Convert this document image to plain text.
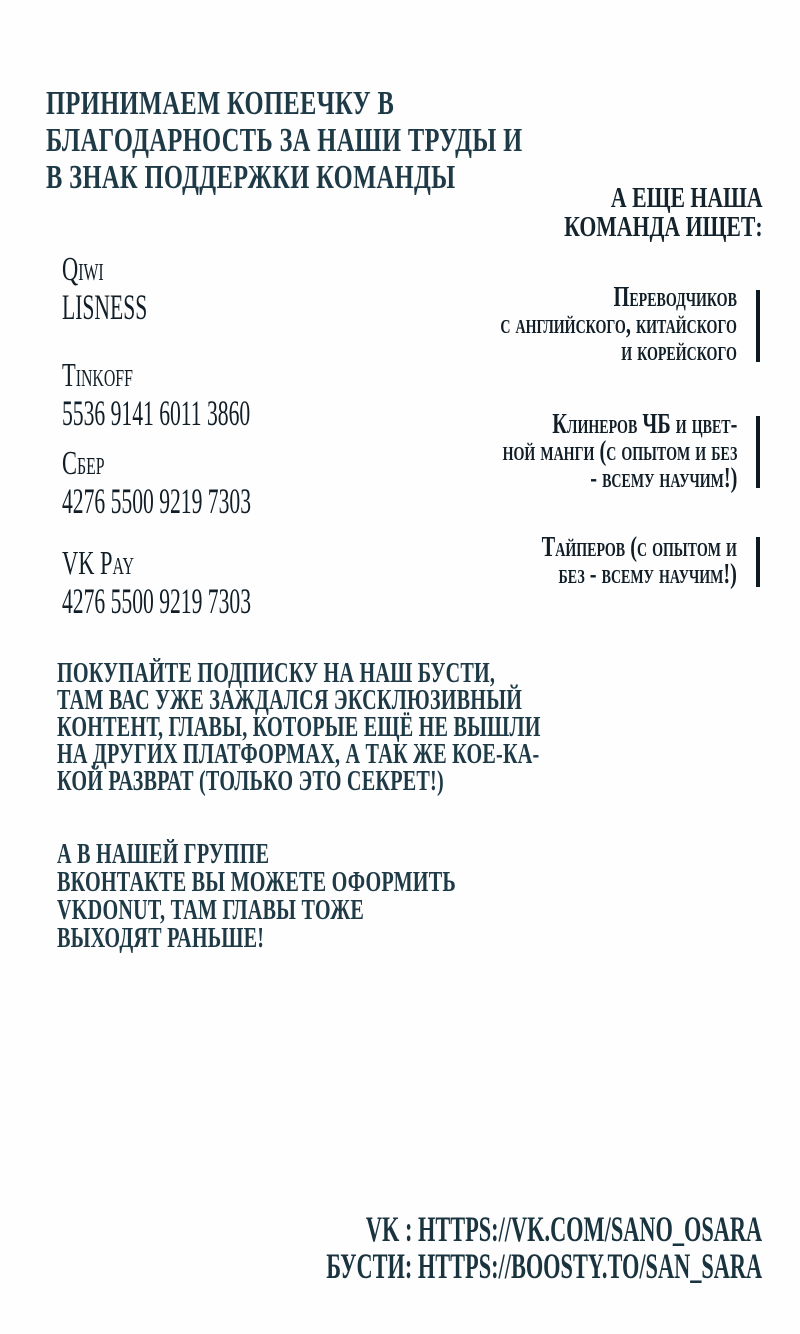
ПРИНИМАЕМ КОПЕЕЧКУ В
БЛАГОДАРНОСТЬ ЗА НАШИ ТРУДЫ И
В ЗНАК ПОДДЕРЖКИ КОМАНДЫ
А ЕЩЕ НАША
КОМАНДА ИЩЕТ:
Qiwi
LISNESS
Tinkoff
5536 9141 6011 3860
Сбер
4276 5500 9219 7303
VK Pay
4276 5500 9219 7303
Переводчиков
с английского, китайского
и корейского
Клинеров ЧБ и цвет-
ной манги (с опытом и без
- всему научим!)
Тайперов (с опытом и
без - всему научим!)
ПОКУПАЙТЕ ПОДПИСКУ НА НАШ БУСТИ,
ТАМ ВАС УЖЕ ЗАЖДАЛСЯ ЭКСКЛЮЗИВНЫЙ
КОНТЕНТ, ГЛАВЫ, КОТОРЫЕ ЕЩЁ НЕ ВЫШЛИ
НА ДРУГИХ ПЛАТФОРМАХ, А ТАК ЖЕ КОЕ-КА-
КОЙ РАЗВРАТ (ТОЛЬКО ЭТО СЕКРЕТ!)
А В НАШЕЙ ГРУППЕ
ВКОНТАКТЕ ВЫ МОЖЕТЕ ОФОРМИТЬ
VKDONUT, ТАМ ГЛАВЫ ТОЖЕ
ВЫХОДЯТ РАНЬШЕ!
VK : HTTPS://VK.COM/SANO_OSARA
БУСТИ: HTTPS://BOOSTY.TO/SAN_SARA
